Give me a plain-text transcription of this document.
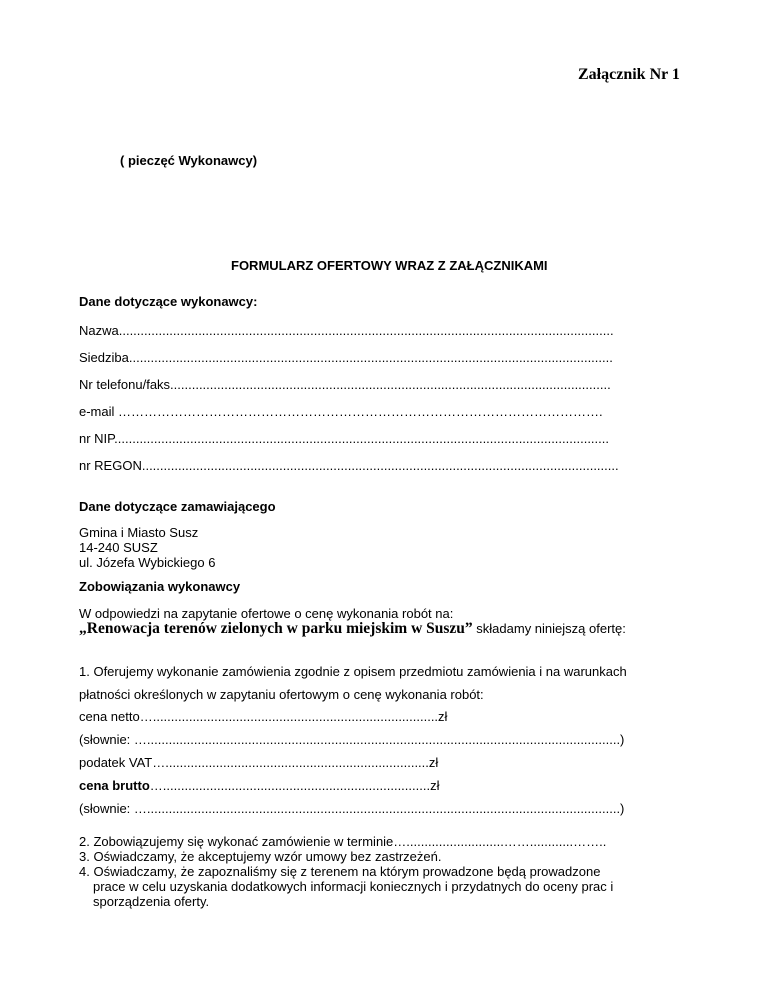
Załącznik Nr 1
( pieczęć Wykonawcy)
FORMULARZ OFERTOWY WRAZ Z ZAŁĄCZNIKAMI
Dane dotyczące wykonawcy:
Nazwa.........................................................................................................................................
Siedziba......................................................................................................................................
Nr telefonu/faks..........................................................................................................................
e-mail ………………………………………………………………………………………………….
nr NIP.........................................................................................................................................
nr REGON....................................................................................................................................
Dane dotyczące zamawiającego
Gmina i Miasto Susz
14-240 SUSZ
ul. Józefa Wybickiego 6
Zobowiązania wykonawcy
W odpowiedzi na zapytanie ofertowe o cenę wykonania robót na:
„Renowacja terenów zielonych w parku miejskim w Suszu” składamy niniejszą ofertę:
1. Oferujemy wykonanie zamówienia zgodnie z opisem przedmiotu zamówienia i na warunkach
płatności określonych w zapytaniu ofertowym o cenę wykonania robót:
cena netto…...............................................................................zł
(słownie: …...................................................................................................................................)
podatek VAT….........................................................................zł
cena brutto…..........................................................................zł
(słownie: …...................................................................................................................................)
2. Zobowiązujemy się wykonać zamówienie w terminie…...........................……............……..
3. Oświadczamy, że akceptujemy wzór umowy bez zastrzeżeń.
4. Oświadczamy, że zapoznaliśmy się z terenem na którym prowadzone będą prowadzone
prace w celu uzyskania dodatkowych informacji koniecznych i przydatnych do oceny prac i
sporządzenia oferty.
